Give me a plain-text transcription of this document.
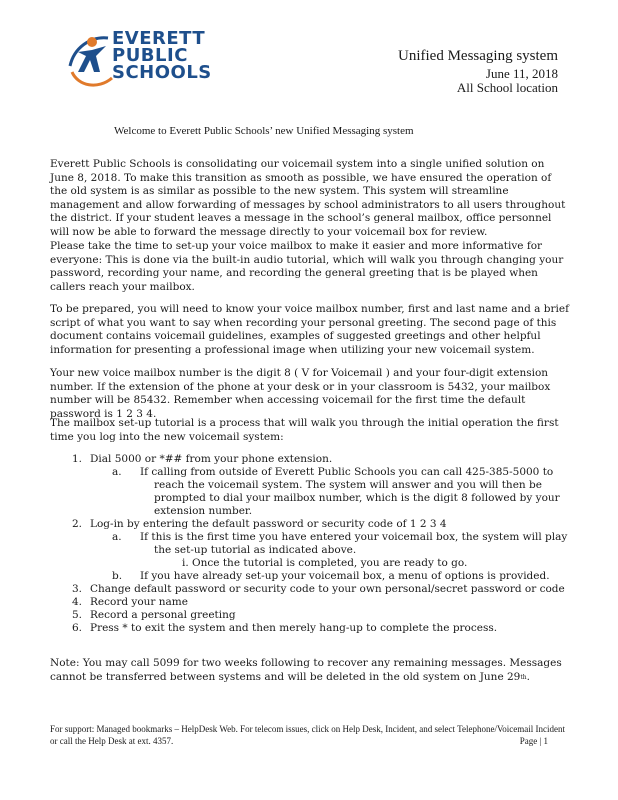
EVERETT
PUBLIC
SCHOOLS
Unified Messaging system
June 11, 2018
All School location
Welcome to Everett Public Schools’ new Unified Messaging system
Everett Public Schools is consolidating our voicemail system into a single unified solution on June 8, 2018. To make this transition as smooth as possible, we have ensured the operation of the old system is as similar as possible to the new system. This system will streamline management and allow forwarding of messages by school administrators to all users throughout the district. If your student leaves a message in the school’s general mailbox, office personnel will now be able to forward the message directly to your voicemail box for review.
Please take the time to set-up your voice mailbox to make it easier and more informative for everyone: This is done via the built-in audio tutorial, which will walk you through changing your password, recording your name, and recording the general greeting that is be played when callers reach your mailbox.
To be prepared, you will need to know your voice mailbox number, first and last name and a brief script of what you want to say when recording your personal greeting. The second page of this document contains voicemail guidelines, examples of suggested greetings and other helpful information for presenting a professional image when utilizing your new voicemail system.
Your new voice mailbox number is the digit 8 ( V for Voicemail ) and your four-digit extension number. If the extension of the phone at your desk or in your classroom is 5432, your mailbox number will be 85432. Remember when accessing voicemail for the first time the default password is 1 2 3 4.
The mailbox set-up tutorial is a process that will walk you through the initial operation the first time you log into the new voicemail system:
1. Dial 5000 or *## from your phone extension.
a.	If calling from outside of Everett Public Schools you can call 425-385-5000 to reach the voicemail system. The system will answer and you will then be prompted to dial your mailbox number, which is the digit 8 followed by your extension number.
2. Log-in by entering the default password or security code of 1 2 3 4
a.	If this is the first time you have entered your voicemail box, the system will play the set-up tutorial as indicated above.
i. Once the tutorial is completed, you are ready to go.
b.	If you have already set-up your voicemail box, a menu of options is provided.
3. Change default password or security code to your own personal/secret password or code
4. Record your name
5. Record a personal greeting
6. Press * to exit the system and then merely hang-up to complete the process.
Note: You may call 5099 for two weeks following to recover any remaining messages. Messages cannot be transferred between systems and will be deleted in the old system on June 29th.
For support: Managed bookmarks – HelpDesk Web. For telecom issues, click on Help Desk, Incident, and select Telephone/Voicemail Incident or call the Help Desk at ext. 4357.	Page | 1
